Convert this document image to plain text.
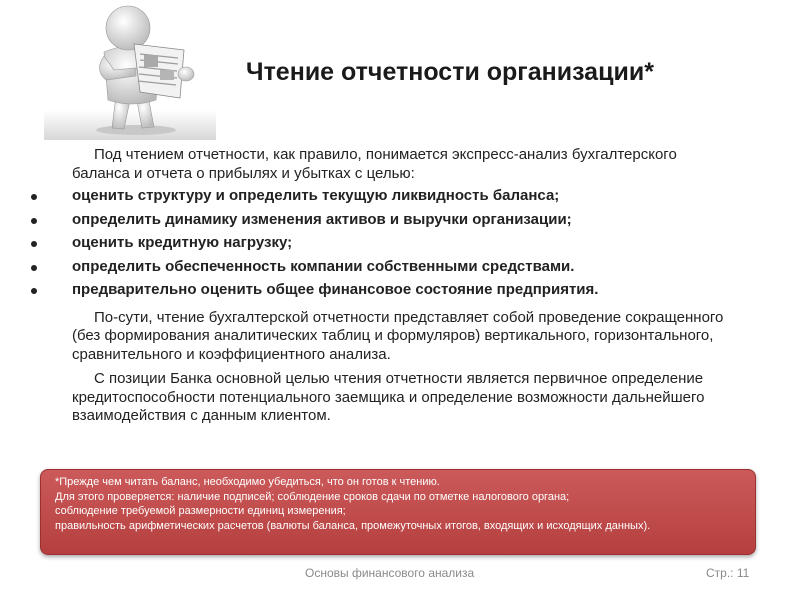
Чтение отчетности организации*

Под чтением отчетности, как правило, понимается экспресс-анализ бухгалтерского баланса и отчета о прибылях и убытках с целью:

оценить структуру и определить текущую ликвидность баланса;
определить динамику изменения активов и выручки организации;
оценить кредитную нагрузку;
определить обеспеченность компании собственными средствами.
предварительно оценить общее финансовое состояние предприятия.

По-сути, чтение бухгалтерской отчетности представляет собой проведение сокращенного (без формирования аналитических таблиц и формуляров) вертикального, горизонтального, сравнительного и коэффициентного анализа.

С позиции Банка основной целью чтения отчетности является первичное определение кредитоспособности потенциального заемщика и определение возможности дальнейшего взаимодействия с данным клиентом.

*Прежде чем читать баланс, необходимо убедиться, что он готов к чтению.
Для этого проверяется: наличие подписей; соблюдение сроков сдачи по отметке налогового органа;
соблюдение требуемой размерности единиц измерения;
правильность арифметических расчетов (валюты баланса, промежуточных итогов, входящих и исходящих данных).
Основы финансового анализа	Стр.: 11
